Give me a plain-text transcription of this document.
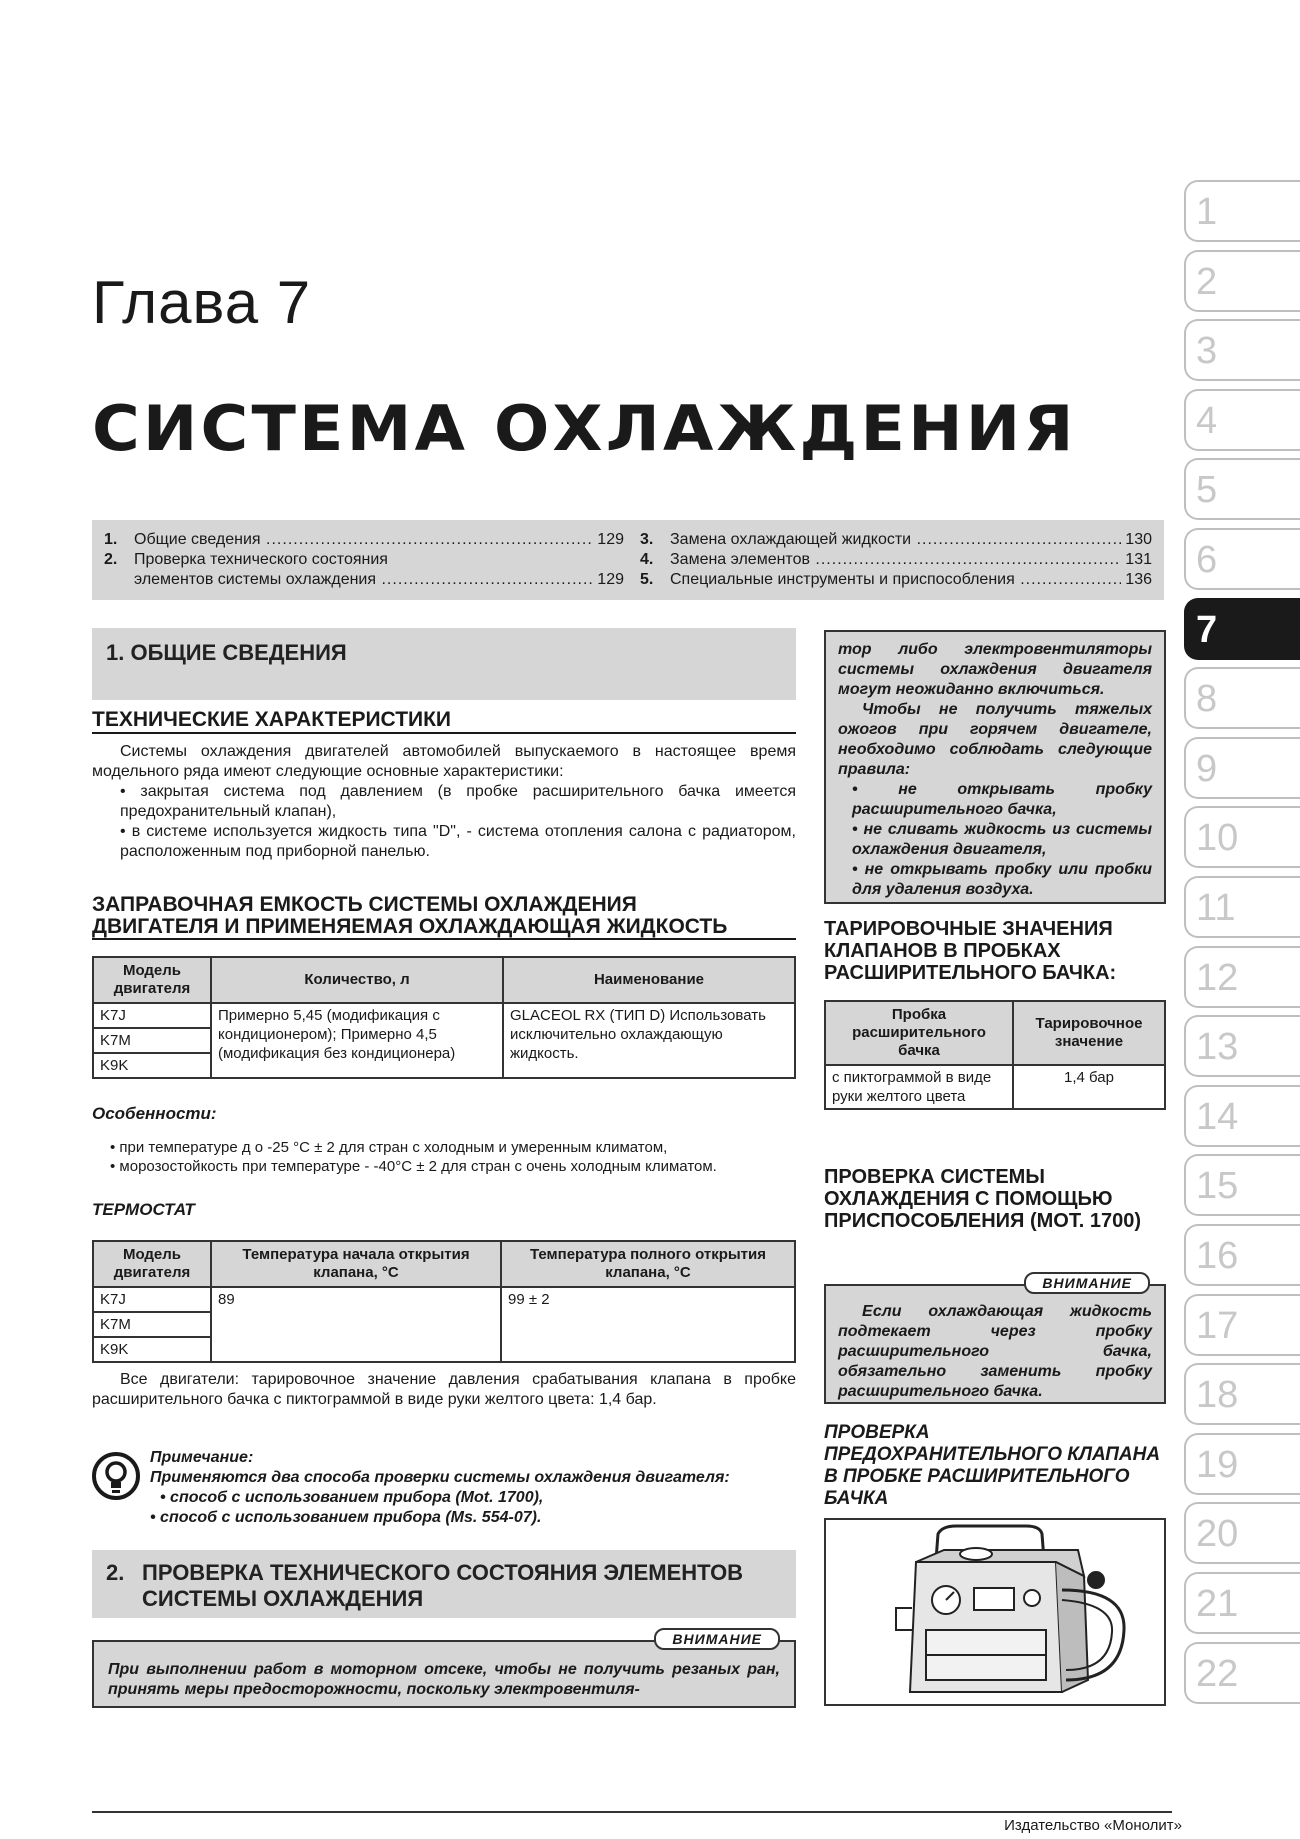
Глава 7
СИСТЕМА ОХЛАЖДЕНИЯ
1.	Общие сведения .....	129
2.	Проверка технического состояния
элементов системы охлаждения .....	129
3.	Замена охлаждающей жидкости .....	130
4.	Замена элементов .....	131
5.	Специальные инструменты и приспособления .....	136
1
2
3
4
5
6
7
8
9
10
11
12
13
14
15
16
17
18
19
20
21
22
1. ОБЩИЕ СВЕДЕНИЯ
ТЕХНИЧЕСКИЕ ХАРАКТЕРИСТИКИ
Системы охлаждения двигателей автомобилей выпускаемого в настоящее время модельного ряда имеют следующие основные характеристики:
• закрытая система под давлением (в пробке расширительного бачка имеется предохранительный клапан),
• в системе используется жидкость типа "D", - система отопления салона с радиатором, расположенным под приборной панелью.
ЗАПРАВОЧНАЯ ЕМКОСТЬ СИСТЕМЫ ОХЛАЖДЕНИЯ
ДВИГАТЕЛЯ И ПРИМЕНЯЕМАЯ ОХЛАЖДАЮЩАЯ ЖИДКОСТЬ
Модель двигателя	Количество, л	Наименование
K7J	Примерно 5,45 (модификация с кондиционером); Примерно 4,5 (модификация без кондиционера)	GLACEOL RX (ТИП D) Использовать исключительно охлаждающую жидкость.
K7M		
K9K		
Особенности:
• при температуре д о -25 °С ± 2 для стран с холодным и умеренным климатом,
• морозостойкость при температуре - -40°С ± 2 для стран с очень холодным климатом.
ТЕРМОСТАТ
Модель двигателя	Температура начала открытия клапана, °С	Температура полного открытия клапана, °С
K7J	89	99 ± 2
K7M		
K9K		
Все двигатели: тарировочное значение давления срабатывания клапана в пробке расширительного бачка с пиктограммой в виде руки желтого цвета: 1,4 бар.
Примечание:
Применяются два способа проверки системы охлаждения двигателя:
• способ с использованием прибора (Mot. 1700),
• способ с использованием прибора (Ms. 554-07).
2. ПРОВЕРКА ТЕХНИЧЕСКОГО СОСТОЯНИЯ ЭЛЕМЕНТОВ СИСТЕМЫ ОХЛАЖДЕНИЯ
ВНИМАНИЕ
При выполнении работ в моторном отсеке, чтобы не получить резаных ран, принять меры предосторожности, поскольку электровентиля-
тор либо электровентиляторы системы охлаждения двигателя могут неожиданно включиться.
Чтобы не получить тяжелых ожогов при горячем двигателе, необходимо соблюдать следующие правила:
• не открывать пробку расширительного бачка,
• не сливать жидкость из системы охлаждения двигателя,
• не открывать пробку или пробки для удаления воздуха.
ТАРИРОВОЧНЫЕ ЗНАЧЕНИЯ КЛАПАНОВ В ПРОБКАХ РАСШИРИТЕЛЬНОГО БАЧКА:
Пробка расширительного бачка	Тарировочное значение
с пиктограммой в виде руки желтого цвета	1,4 бар
ПРОВЕРКА СИСТЕМЫ ОХЛАЖДЕНИЯ С ПОМОЩЬЮ ПРИСПОСОБЛЕНИЯ (МОТ. 1700)
ВНИМАНИЕ
Если охлаждающая жидкость подтекает через пробку расширительного бачка, обязательно заменить пробку расширительного бачка.
ПРОВЕРКА ПРЕДОХРАНИТЕЛЬНОГО КЛАПАНА В ПРОБКЕ РАСШИРИТЕЛЬНОГО БАЧКА
Издательство «Монолит»
